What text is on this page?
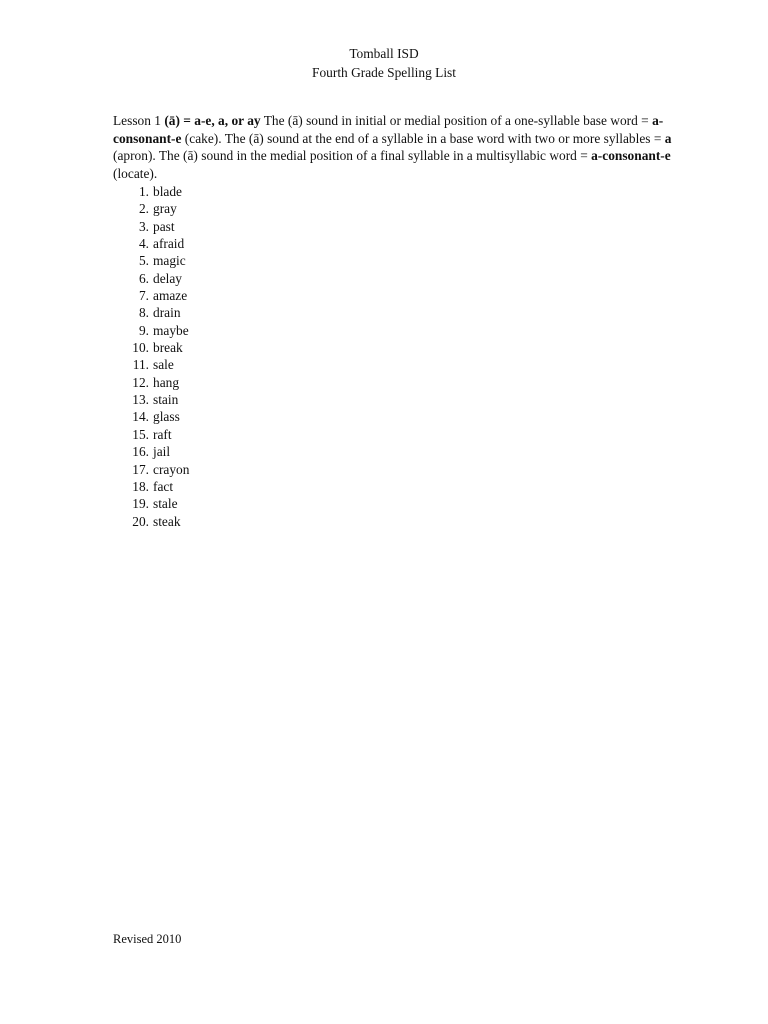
Tomball ISD
Fourth Grade Spelling List

Lesson 1 (ā) = a-e, a, or ay The (ā) sound in initial or medial position of a one-syllable base word = a-consonant-e (cake). The (ā) sound at the end of a syllable in a base word with two or more syllables = a (apron). The (ā) sound in the medial position of a final syllable in a multisyllabic word = a-consonant-e (locate).

1. blade
2. gray
3. past
4. afraid
5. magic
6. delay
7. amaze
8. drain
9. maybe
10. break
11. sale
12. hang
13. stain
14. glass
15. raft
16. jail
17. crayon
18. fact
19. stale
20. steak
Revised 2010
